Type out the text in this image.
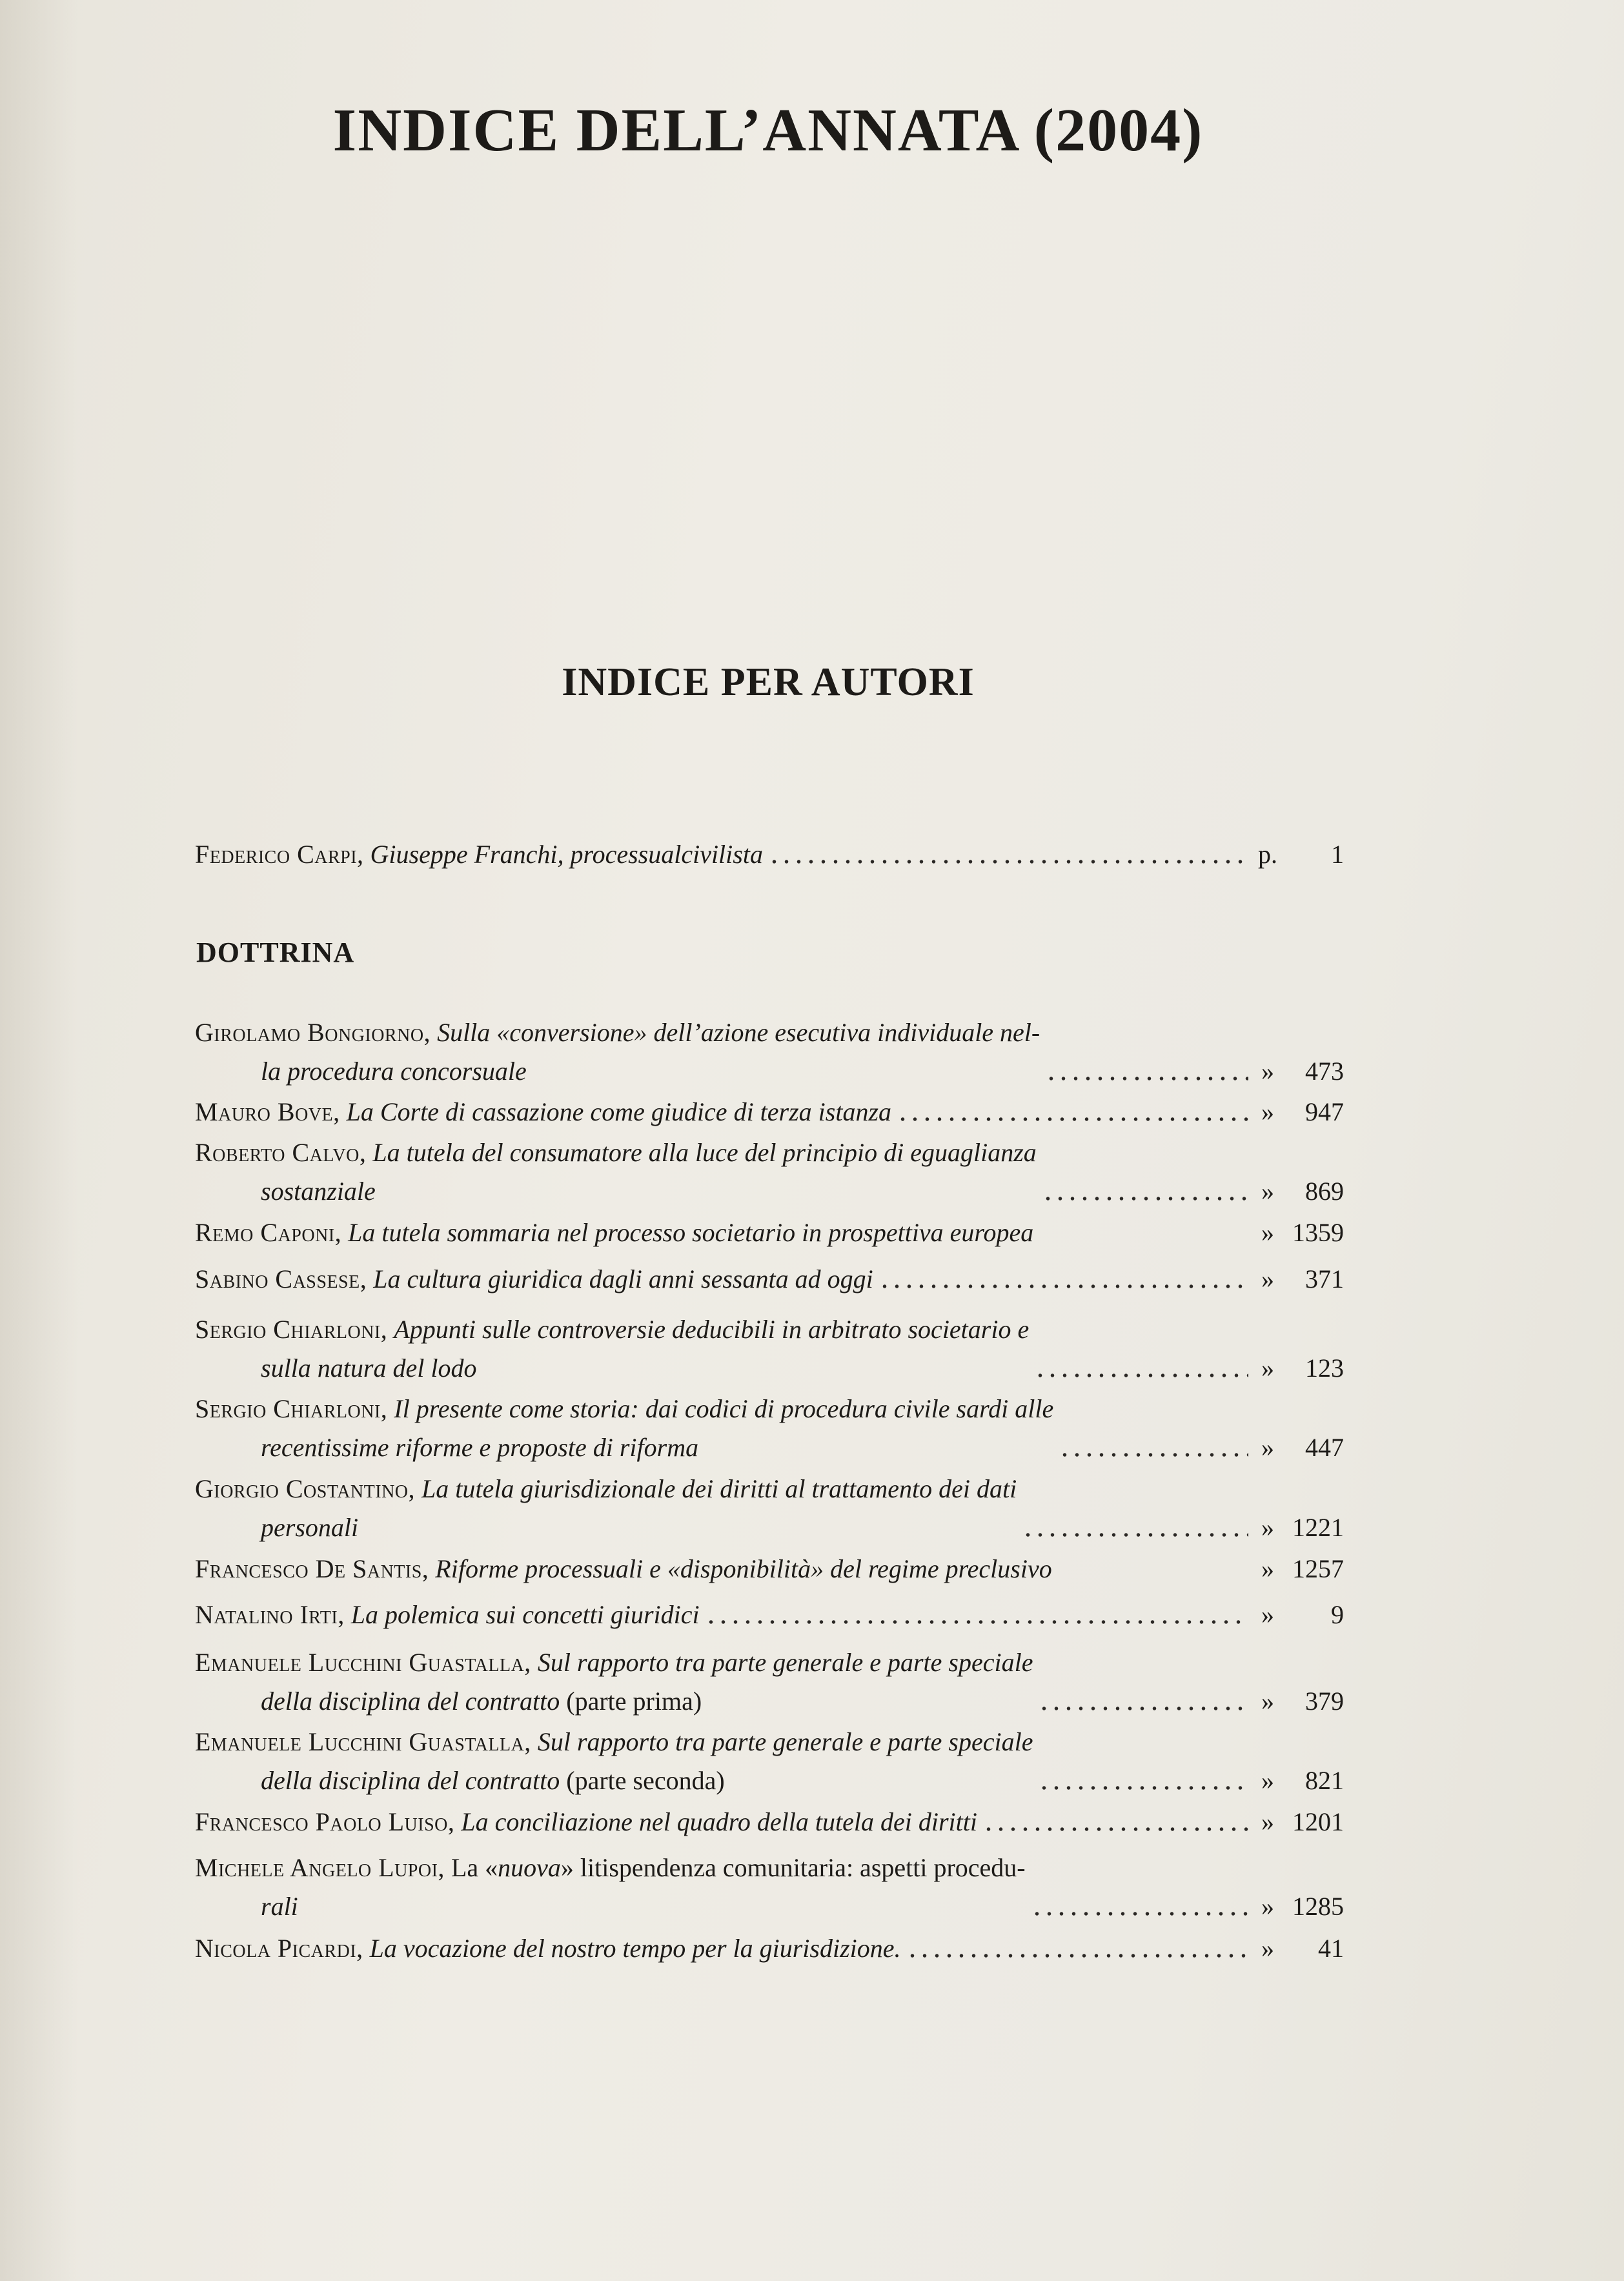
INDICE DELL’ANNATA (2004)
INDICE PER AUTORI
Federico Carpi, Giuseppe Franchi, processualcivilista	p.	1
DOTTRINA
Girolamo Bongiorno, Sulla «conversione» dell’azione esecutiva individuale nel-
la procedura concorsuale	»	473
Mauro Bove, La Corte di cassazione come giudice di terza istanza	»	947
Roberto Calvo, La tutela del consumatore alla luce del principio di eguaglianza
sostanziale	»	869
Remo Caponi, La tutela sommaria nel processo societario in prospettiva europea	» 1359
Sabino Cassese, La cultura giuridica dagli anni sessanta ad oggi	»	371
Sergio Chiarloni, Appunti sulle controversie deducibili in arbitrato societario e
sulla natura del lodo	»	123
Sergio Chiarloni, Il presente come storia: dai codici di procedura civile sardi alle
recentissime riforme e proposte di riforma	»	447
Giorgio Costantino, La tutela giurisdizionale dei diritti al trattamento dei dati
personali	» 1221
Francesco De Santis, Riforme processuali e «disponibilità» del regime preclusivo	» 1257
Natalino Irti, La polemica sui concetti giuridici	»	9
Emanuele Lucchini Guastalla, Sul rapporto tra parte generale e parte speciale
della disciplina del contratto (parte prima)	»	379
Emanuele Lucchini Guastalla, Sul rapporto tra parte generale e parte speciale
della disciplina del contratto (parte seconda)	»	821
Francesco Paolo Luiso, La conciliazione nel quadro della tutela dei diritti	» 1201
Michele Angelo Lupoi, La «nuova» litispendenza comunitaria: aspetti procedu-
rali	» 1285
Nicola Picardi, La vocazione del nostro tempo per la giurisdizione.	»	41
